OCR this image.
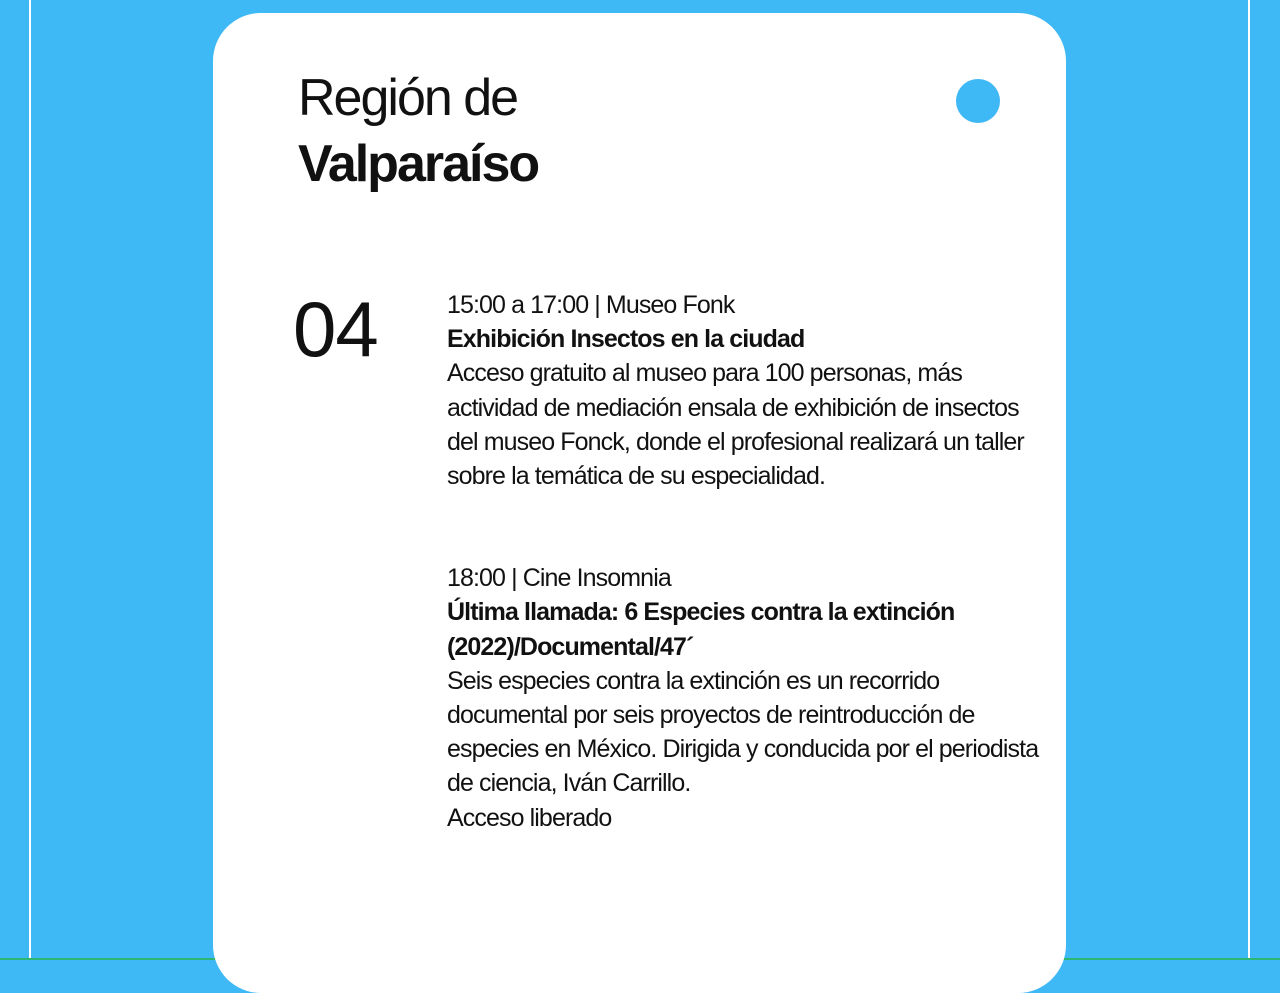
Región de
Valparaíso
04	15:00 a 17:00 | Museo Fonk
Exhibición Insectos en la ciudad
Acceso gratuito al museo para 100 personas, más actividad de mediación ensala de exhibición de insectos del museo Fonck, donde el profesional realizará un taller sobre la temática de su especialidad.
18:00 | Cine Insomnia
Última llamada: 6 Especies contra la extinción (2022)/Documental/47´
Seis especies contra la extinción es un recorrido documental por seis proyectos de reintroducción de especies en México. Dirigida y conducida por el periodista de ciencia, Iván Carrillo.
Acceso liberado
